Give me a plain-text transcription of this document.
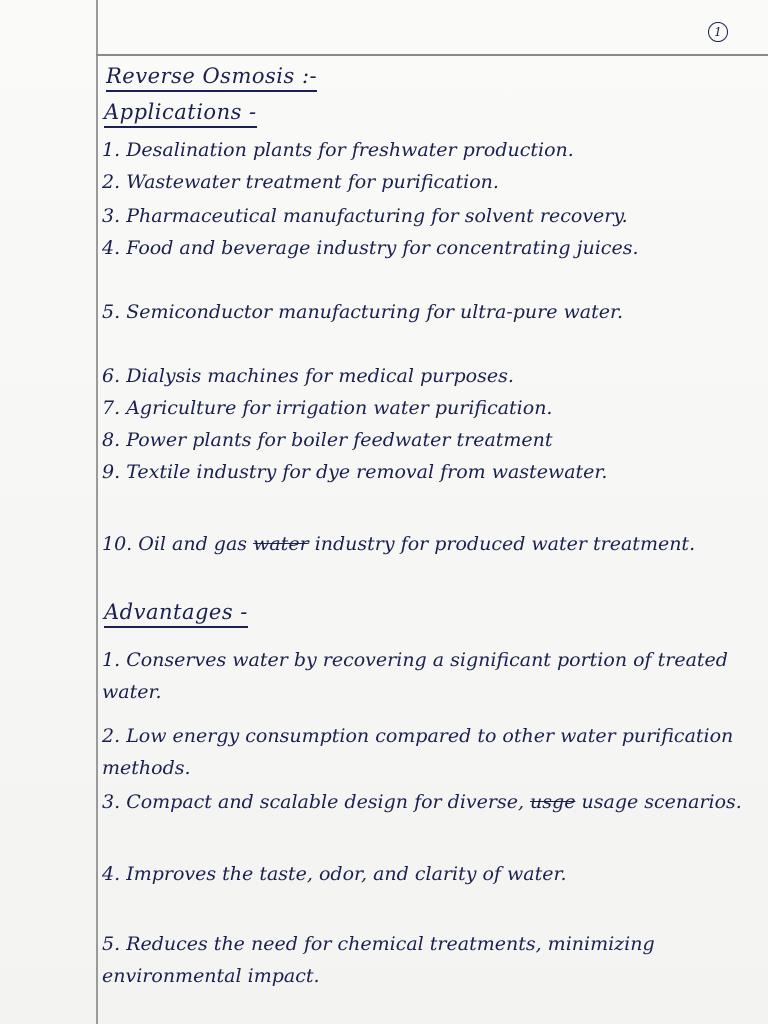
1
Reverse Osmosis :-
Applications -
1. Desalination plants for freshwater production.
2. Wastewater treatment for purification.
3. Pharmaceutical manufacturing for solvent recovery.
4. Food and beverage industry for concentrating juices.
5. Semiconductor manufacturing for ultra-pure water.
6. Dialysis machines for medical purposes.
7. Agriculture for irrigation water purification.
8. Power plants for boiler feedwater treatment
9. Textile industry for dye removal from wastewater.
10. Oil and gas water industry for produced water treatment.
Advantages -
1. Conserves water by recovering a significant portion of treated water.
2. Low energy consumption compared to other water purification methods.
3. Compact and scalable design for diverse, usge usage scenarios.
4. Improves the taste, odor, and clarity of water.
5. Reduces the need for chemical treatments, minimizing environmental impact.
